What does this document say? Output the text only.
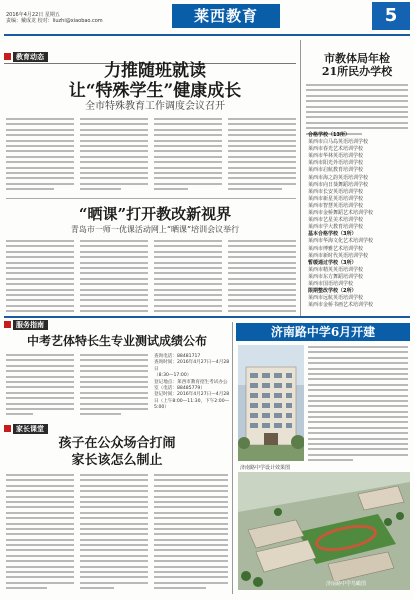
2016年4月22日 星期五
责编：戴成龙 校对：liuzhi@xiaobao.com	莱西教育	5
教育动态
力推随班就读
让“特殊学生”健康成长
全市特殊教育工作调度会议召开
“晒课”打开教改新视界
青岛市一师一优课活动网上“晒课”培训会议举行
市教体局年检
21所民办学校
合格学校（13所）
莱西市白马岛英语培训学校
莱西市春光艺术培训学校
莱西市华林英语培训学校
莱西市阳光外语培训学校
莱西市启航教育培训学校
莱西市海之韵英语培训学校
莱西市向日葵舞蹈培训学校
莱西市长安英语培训学校
莱西市新星英语培训学校
莱西市智慧英语培训学校
莱西市金桥舞蹈艺术培训学校
莱西市艺星美术培训学校
莱西市学大教育培训学校
基本合格学校（3所）
莱西市华海文化艺术培训学校
莱西市博雅艺术培训学校
莱西市新时代英语培训学校
暂缓通过学校（3所）
莱西市精英英语培训学校
莱西市东方舞蹈培训学校
莱西市国语培训学校
限期整改学校（2所）
莱西市远航英语培训学校
莱西市金桥书画艺术培训学校
服务指南
中考艺体特长生专业测试成绩公布
查询电话：88481717
查询时间：2016年4月27日—4月28日
（8:30—17:00）
登记地点：莱西市教育招生考试办公室（电话：88485779）
登记时间：2016年4月27日—4月28日（上午8:00—11:30，下午2:00—5:00）
家长课堂
孩子在公众场合打闹
家长该怎么制止
济南路中学6月开建
济南路中学设计效果图
济南路中学鸟瞰图
